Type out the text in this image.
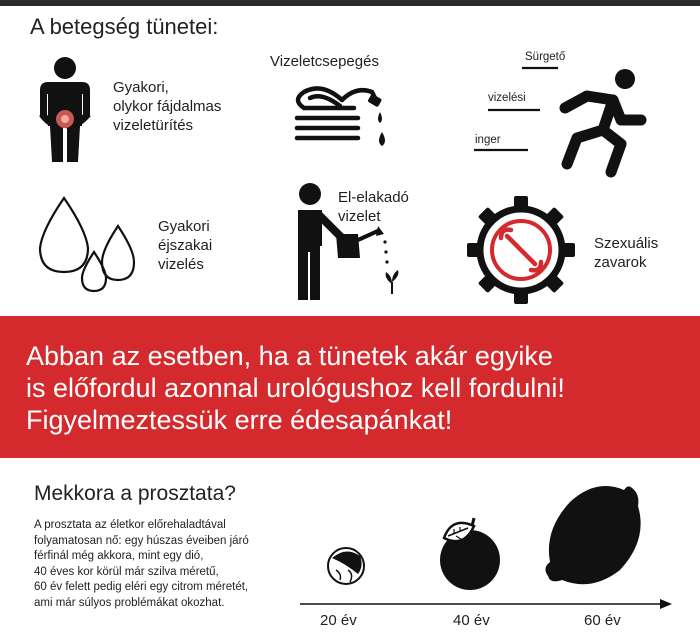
A betegség tünetei:
Gyakori,
olykor fájdalmas
vizeletürítés
Vizeletcsepegés	Sürgető
vizelési
inger
Gyakori
éjszakai
vizelés
El-elakadó
vizelet
Szexuális
zavarok
Abban az esetben, ha a tünetek akár egyike
is előfordul azonnal urológushoz kell fordulni!
Figyelmeztessük erre édesapánkat!
Mekkora a prosztata?
A prosztata az életkor előrehaladtával
folyamatosan nő: egy húszas éveiben járó
férfinál még akkora, mint egy dió,
40 éves kor körül már szilva méretű,
60 év felett pedig eléri egy citrom méretét,
ami már súlyos problémákat okozhat.
20 év	40 év	60 év
